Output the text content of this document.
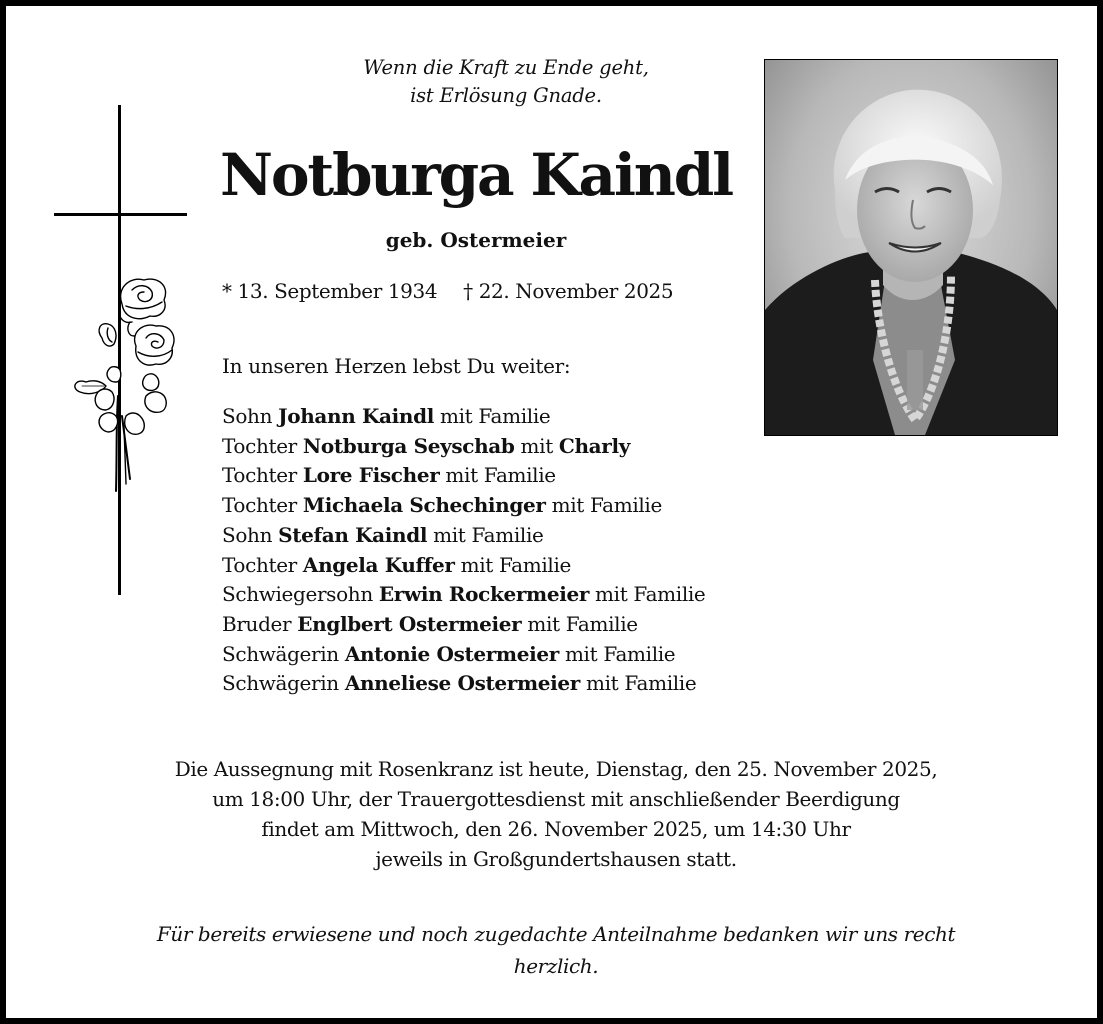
Wenn die Kraft zu Ende geht,
ist Erlösung Gnade.
Notburga Kaindl
geb. Ostermeier
* 13. September 1934 † 22. November 2025
In unseren Herzen lebst Du weiter:
Sohn Johann Kaindl mit Familie
Tochter Notburga Seyschab mit Charly
Tochter Lore Fischer mit Familie
Tochter Michaela Schechinger mit Familie
Sohn Stefan Kaindl mit Familie
Tochter Angela Kuffer mit Familie
Schwiegersohn Erwin Rockermeier mit Familie
Bruder Englbert Ostermeier mit Familie
Schwägerin Antonie Ostermeier mit Familie
Schwägerin Anneliese Ostermeier mit Familie
Die Aussegnung mit Rosenkranz ist heute, Dienstag, den 25. November 2025,
um 18:00 Uhr, der Trauergottesdienst mit anschließender Beerdigung
findet am Mittwoch, den 26. November 2025, um 14:30 Uhr
jeweils in Großgundertshausen statt.
Für bereits erwiesene und noch zugedachte Anteilnahme bedanken wir uns recht
herzlich.
